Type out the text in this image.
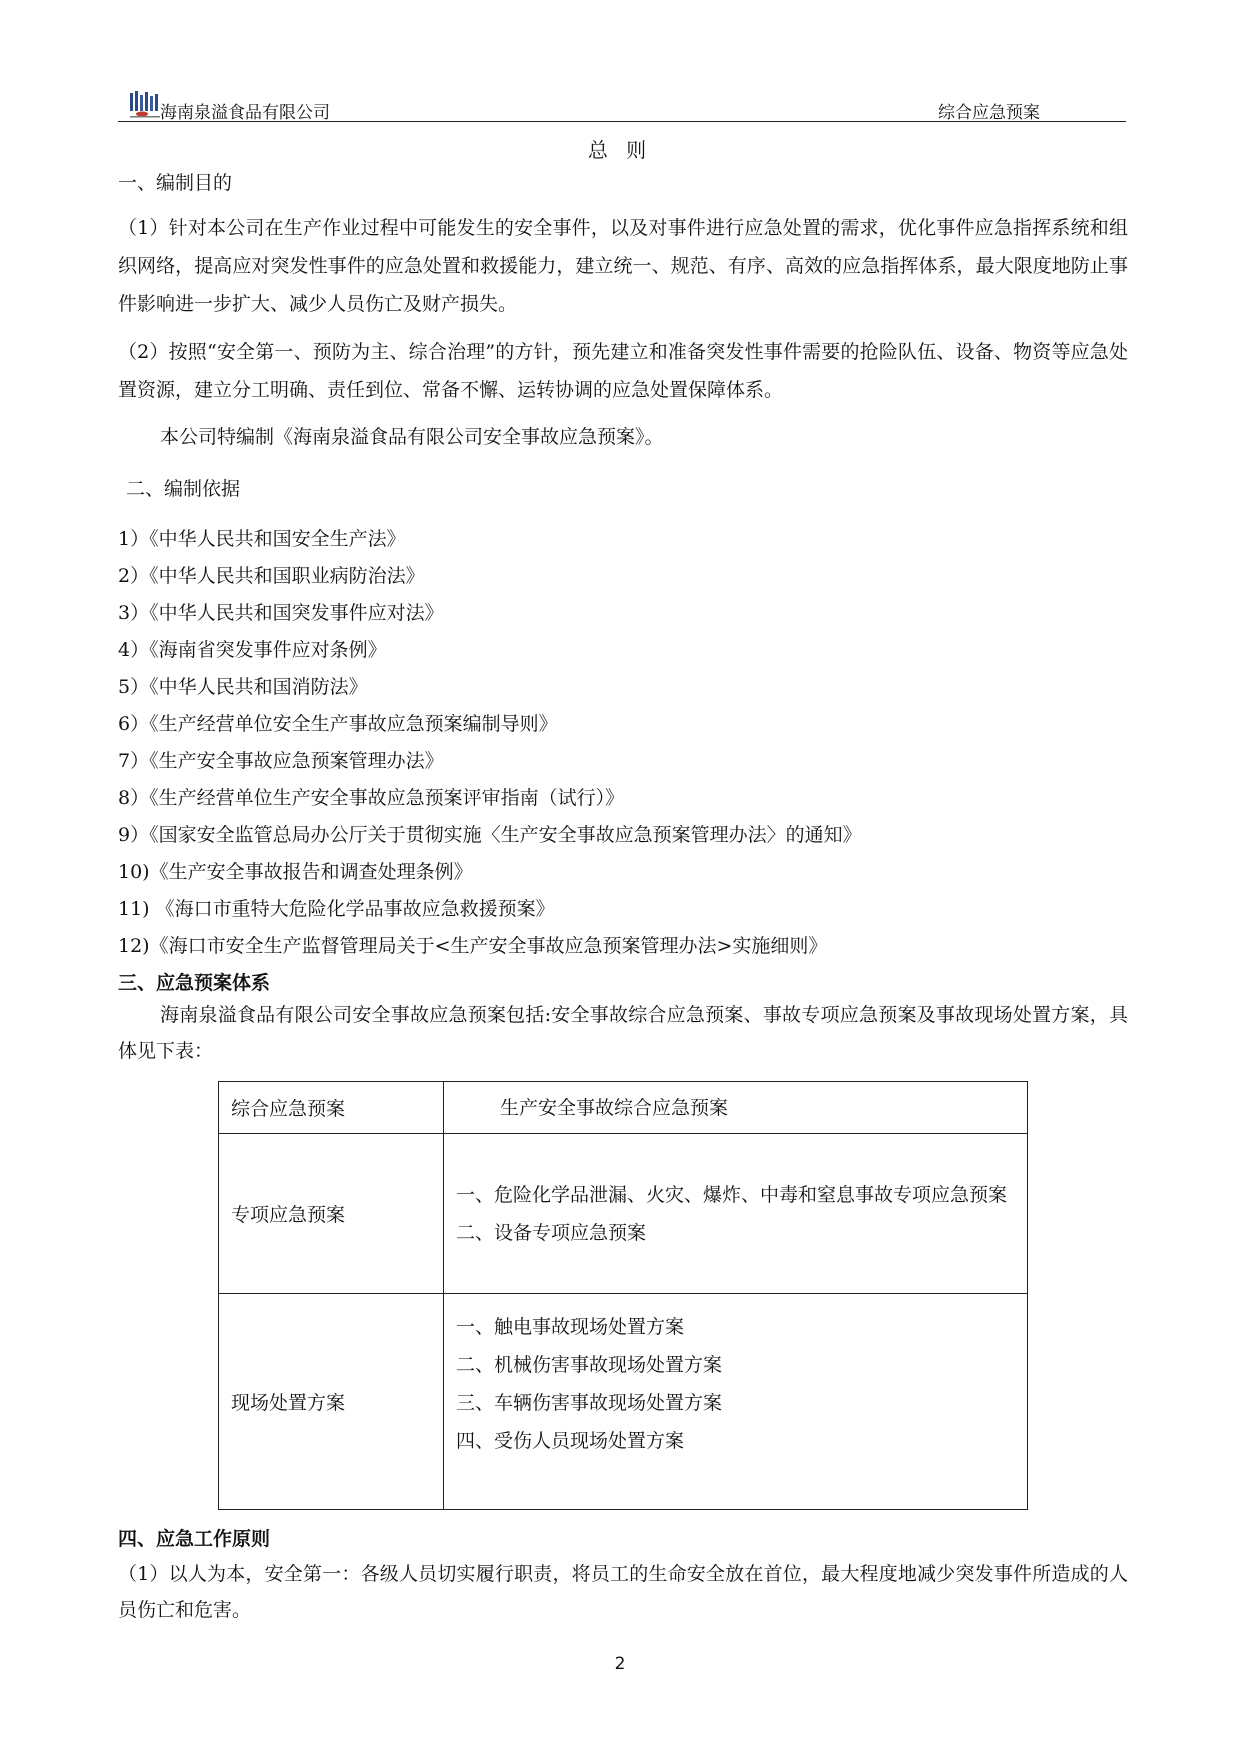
海南泉溢食品有限公司	综合应急预案
总 则
一、编制目的
（1）针对本公司在生产作业过程中可能发生的安全事件，以及对事件进行应急处置的需求，优化事件应急指挥系统和组织网络，提高应对突发性事件的应急处置和救援能力，建立统一、规范、有序、高效的应急指挥体系，最大限度地防止事件影响进一步扩大、减少人员伤亡及财产损失。
（2）按照“安全第一、预防为主、综合治理”的方针，预先建立和准备突发性事件需要的抢险队伍、设备、物资等应急处置资源，建立分工明确、责任到位、常备不懈、运转协调的应急处置保障体系。
本公司特编制《海南泉溢食品有限公司安全事故应急预案》。
二、编制依据
1）《中华人民共和国安全生产法》
2）《中华人民共和国职业病防治法》
3）《中华人民共和国突发事件应对法》
4）《海南省突发事件应对条例》
5）《中华人民共和国消防法》
6）《生产经营单位安全生产事故应急预案编制导则》
7）《生产安全事故应急预案管理办法》
8）《生产经营单位生产安全事故应急预案评审指南（试行）》
9）《国家安全监管总局办公厅关于贯彻实施〈生产安全事故应急预案管理办法〉的通知》
10)《生产安全事故报告和调查处理条例》
11) 《海口市重特大危险化学品事故应急救援预案》
12)《海口市安全生产监督管理局关于<生产安全事故应急预案管理办法>实施细则》
三、应急预案体系
海南泉溢食品有限公司安全事故应急预案包括:安全事故综合应急预案、事故专项应急预案及事故现场处置方案，具体见下表：
综合应急预案	生产安全事故综合应急预案

专项应急预案	一、危险化学品泄漏、火灾、爆炸、中毒和窒息事故专项应急预案
二、设备专项应急预案

现场处置方案	一、触电事故现场处置方案
二、机械伤害事故现场处置方案
三、车辆伤害事故现场处置方案
四、受伤人员现场处置方案
四、应急工作原则
（1）以人为本，安全第一：各级人员切实履行职责，将员工的生命安全放在首位，最大程度地减少突发事件所造成的人员伤亡和危害。
2
